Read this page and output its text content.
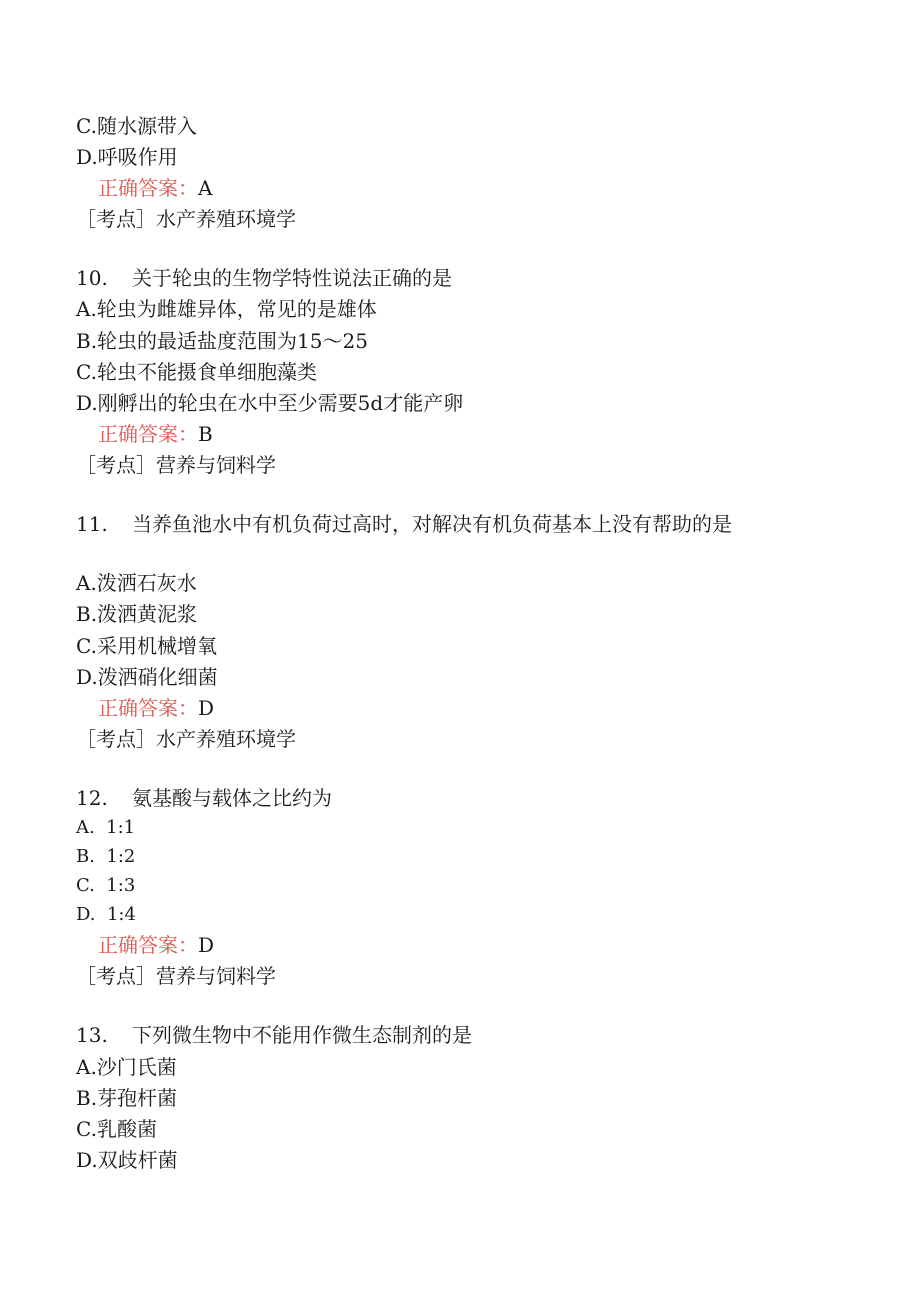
C.随水源带入
D.呼吸作用
正确答案：A
［考点］水产养殖环境学
10. 关于轮虫的生物学特性说法正确的是
A.轮虫为雌雄异体，常见的是雄体
B.轮虫的最适盐度范围为15～25
C.轮虫不能摄食单细胞藻类
D.刚孵出的轮虫在水中至少需要5d才能产卵
正确答案：B
［考点］营养与饲料学
11. 当养鱼池水中有机负荷过高时，对解决有机负荷基本上没有帮助的是
A.泼洒石灰水
B.泼洒黄泥浆
C.采用机械增氧
D.泼洒硝化细菌
正确答案：D
［考点］水产养殖环境学
12. 氨基酸与载体之比约为
A.  1:1
B.  1:2
C.  1:3
D.  1:4
正确答案：D
［考点］营养与饲料学
13. 下列微生物中不能用作微生态制剂的是
A.沙门氏菌
B.芽孢杆菌
C.乳酸菌
D.双歧杆菌
